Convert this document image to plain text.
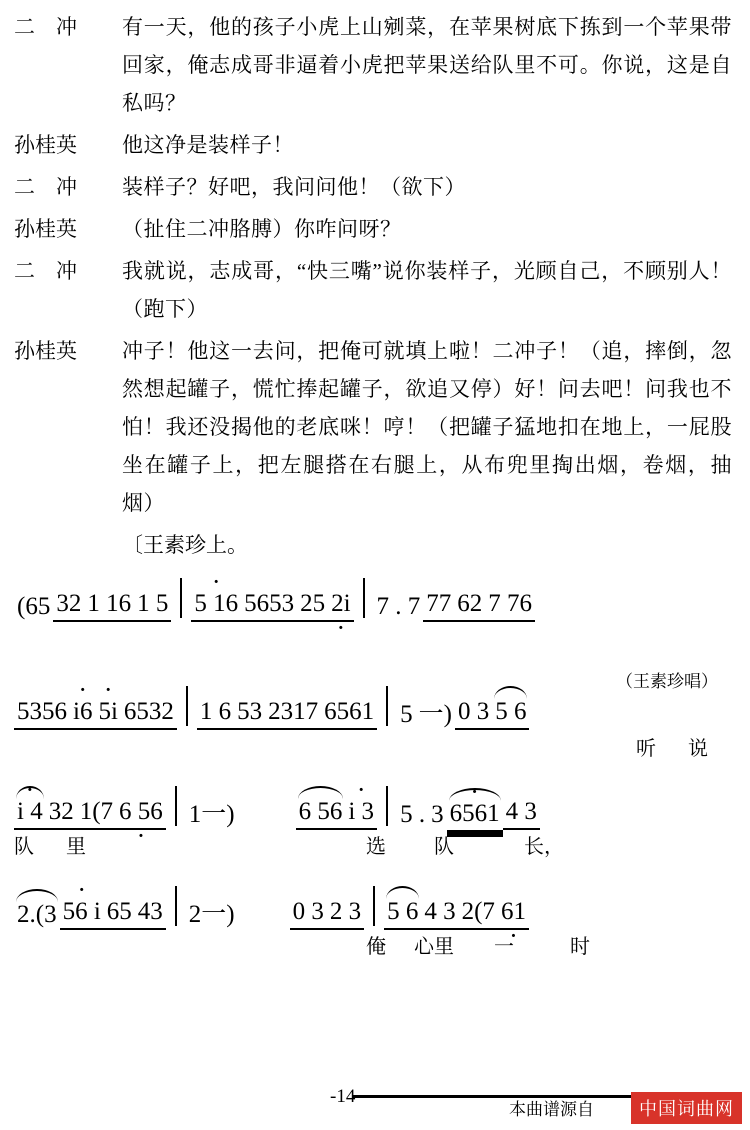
二　冲	有一天，他的孩子小虎上山剜菜，在苹果树底下拣到一个苹果带回家，俺志成哥非逼着小虎把苹果送给队里不可。你说，这是自私吗？
孙桂英	他这净是装样子！
二　冲	装样子？好吧，我问问他！（欲下）
孙桂英	（扯住二冲胳膊）你咋问呀？
二　冲	我就说，志成哥，“快三嘴”说你装样子，光顾自己，不顾别人！（跑下）
孙桂英	冲子！他这一去问，把俺可就填上啦！二冲子！（追，摔倒，忽然想起罐子，慌忙捧起罐子，欲追又停）好！问去吧！问我也不怕！我还没揭他的老底咪！哼！（把罐子猛地扣在地上，一屁股坐在罐子上，把左腿搭在右腿上，从布兜里掏出烟，卷烟，抽烟）
〔王素珍上。
(65 32 1 16 1 5 · 5 16 5653 25 2i · 7 . 7 77 62 7 76
（王素珍唱）
5356 · i6 · 5i 6532 1 6 53 2317 6561 5 一) 0 3 5 6
听 说
· i 4 32 1(7 6 56 · 1一)	6 56 · i 3 5 . 3 · 6561 4 3
队 里	选 队	长，
2.(3 · 56 i 65 43 2一) 0 3 2 3 5 6 4 3 2(7 61 ·
俺 心里 一	时
-14-
本曲谱源自	中国词曲网
